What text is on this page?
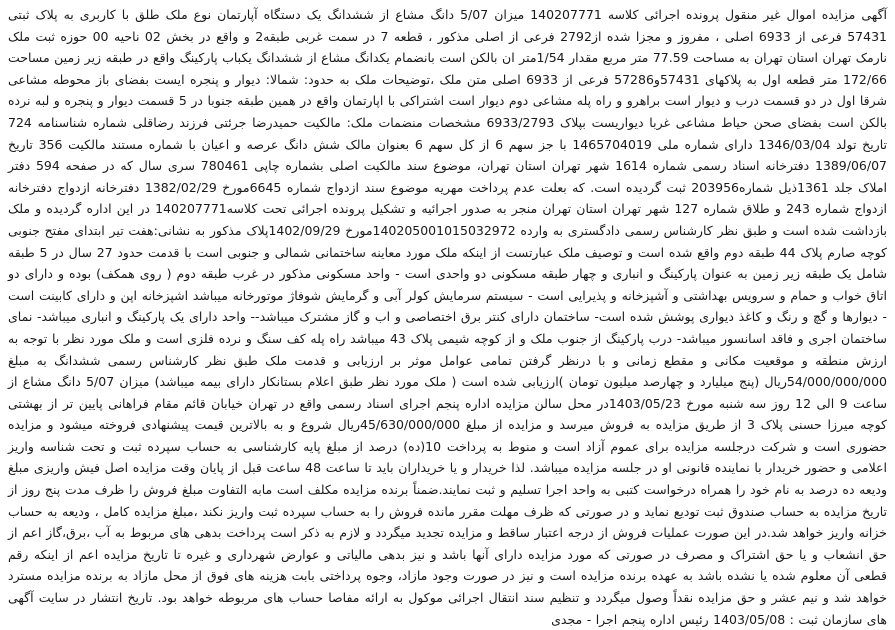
آگهی مزایده اموال غیر منقول پرونده اجرائی کلاسه 140207771 میزان 5/07 دانگ مشاع از ششدانگ یک دستگاه آپارتمان نوع ملک طلق با کاربری به پلاک ثبتی 57431 فرعی از 6933 اصلی ، مفروز و مجزا شده از2792 فرعی از اصلی مذکور ، قطعه 7 در سمت غربی طبقه2 و واقع در بخش 02 ناحیه 00 حوزه ثبت ملک نارمک تهران استان تهران به مساحت 77.59 متر مربع مقدار 1/54متر ان بالکن است بانضمام یکدانگ مشاع از ششدانگ یکباب پارکینگ واقع در طبقه زیر زمین مساحت 172/66 متر قطعه اول به پلاکهای 57431و57286 فرعی از 6933 اصلی متن ملک ،توضیحات ملک به حدود: شمالا: دیوار و پنجره ایست بفضای باز محوطه مشاعی شرقا اول در دو قسمت درب و دیوار است براهرو و راه پله مشاعی دوم دیوار است اشتراکی با اپارتمان واقع در همین طبقه جنوبا در 5 قسمت دیوار و پنجره و لبه نرده بالکن است بفضای صحن حیاط مشاعی غربا دیواریست بپلاک 6933/2793 مشخصات منضمات ملک: مالکیت حمیدرضا جرئتی فرزند رضاقلی شماره شناسنامه 724 تاریخ تولد 1346/03/04 دارای شماره ملی 1465704019 با جز سهم 6 از کل سهم 6 بعنوان مالک شش دانگ عرصه و اعیان با شماره مستند مالکیت 356 تاریخ 1389/06/07 دفترخانه اسناد رسمی شماره 1614 شهر تهران استان تهران، موضوع سند مالکیت اصلی بشماره چاپی 780461 سری سال که در صفحه 594 دفتر املاک جلد 1361ذیل شماره203956 ثبت گردیده است. که بعلت عدم پرداخت مهریه موضوع سند ازدواج شماره 6645مورخ 1382/02/29 دفترخانه ازدواج دفترخانه ازدواج شماره 243 و طلاق شماره 127 شهر تهران استان تهران منجر به صدور اجرائیه و تشکیل پرونده اجرائی تحت کلاسه140207771 در این اداره گردیده و ملک بازداشت شده است و طبق نظر کارشناس رسمی دادگستری به وارده 140205001015032972مورخ 1402/09/29پلاک مذکور به نشانی:هفت تیر ابتدای مفتح جنوبی کوچه صارم پلاک 44 طبقه دوم واقع شده است و توصیف ملک عبارتست از اینکه ملک مورد معاینه ساختمانی شمالی و جنوبی است با قدمت حدود 27 سال در 5 طبقه شامل یک طبقه زیر زمین به عنوان پارکینگ و انباری و چهار طبقه مسکونی دو واحدی است - واحد مسکونی مذکور در غرب طبقه دوم ( روی همکف) بوده و دارای دو اتاق خواب و حمام و سرویس بهداشتی و آشپزخانه و پذیرایی است - سیستم سرمایش کولر آبی و گرمایش شوفاژ موتورخانه میباشد اشپزخانه اپن و دارای کابینت است - دیوارها و گچ و رنگ و کاغذ دیواری پوشش شده است- ساختمان دارای کنتر برق اختصاصی و اب و گاز مشترک میباشد-- واحد دارای یک پارکینگ و انباری میباشد- نمای ساختمان اجری و فاقد اسانسور میباشد- درب پارکینگ از جنوب ملک و از کوچه شیمی پلاک 43 میباشد راه پله کف سنگ و نرده فلزی است و ملک مورد نظر با توجه به ارزش منطقه و موقعیت مکانی و مقطع زمانی و با درنظر گرفتن تمامی عوامل موثر بر ارزیابی و قدمت ملک طبق نظر کارشناس رسمی ششدانگ به مبلغ 54/000/000/000ریال (پنج میلیارد و چهارصد میلیون تومان )ارزیابی شده است ( ملک مورد نظر طبق اعلام بستانکار دارای بیمه میباشد) میزان 5/07 دانگ مشاع از ساعت 9 الی 12 روز سه شنبه مورخ 1403/05/23در محل سالن مزایده اداره پنجم اجرای اسناد رسمی واقع در تهران خیابان قائم مقام فراهانی پایین تر از بهشتی کوچه میرزا حسنی پلاک 3 از طریق مزایده به فروش میرسد و مزایده از مبلغ 45/630/000/000ریال شروع و به بالاترین قیمت پیشنهادی فروخته میشود و مزایده حضوری است و شرکت درجلسه مزایده برای عموم آزاد است و منوط به پرداخت 10(ده) درصد از مبلغ پایه کارشناسی به حساب سپرده ثبت و تحت شناسه واریز اعلامی و حضور خریدار با نماینده قانونی او در جلسه مزایده میباشد. لذا خریدار و یا خریداران باید تا ساعت 48 ساعت قبل از پایان وقت مزایده اصل فیش واریزی مبلغ ودیعه ده درصد به نام خود را همراه درخواست کتبی به واحد اجرا تسلیم و ثبت نمایند.ضمناً برنده مزایده مکلف است مابه التفاوت مبلغ فروش را ظرف مدت پنج روز از تاریخ مزایده به حساب صندوق ثبت تودیع نماید و در صورتی که ظرف مهلت مقرر مانده فروش را به حساب سپرده ثبت واریز نکند ،مبلغ مزایده کامل ، ودیعه به حساب خزانه واریز خواهد شد.در این صورت عملیات فروش از درجه اعتبار ساقط و مزایده تجدید میگردد و لازم به ذکر است پرداخت بدهی های مربوط به آب ،برق،گاز اعم از حق انشعاب و یا حق اشتراک و مصرف در صورتی که مورد مزایده دارای آنها باشد و نیز بدهی مالیاتی و عوارض شهرداری و غیره تا تاریخ مزایده اعم از اینکه رقم قطعی آن معلوم شده یا نشده باشد به عهده برنده مزایده است و نیز در صورت وجود مازاد، وجوه پرداختی بابت هزینه های فوق از محل مازاد به برنده مزایده مسترد خواهد شد و نیم عشر و حق مزایده نقداً وصول میگردد و تنظیم سند انتقال اجرائی موکول به ارائه مفاصا حساب های مربوطه خواهد بود. تاریخ انتشار در سایت آگهی های سازمان ثبت : 1403/05/08 رئیس اداره پنجم اجرا - مجدی
